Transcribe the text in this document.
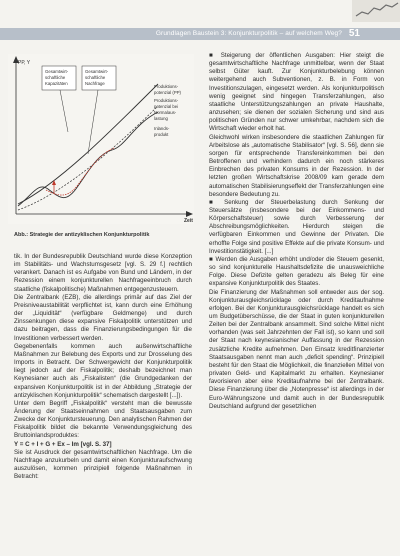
Grundlagen Baustein 3: Konjunkturpolitik – auf welchem Weg? 51
PP, Y
Zeit
Gesamtwirt- schaftliche Kapazitäten
Gesamtwirt- schaftliche Nachfrage
Produktions- potenzial (PP)
Produktions- potenzial bei Normalaus- lastung
Inlands- produkt
Abb.: Strategie der antizyklischen Konjunkturpolitik

tik. In der Bundesrepublik Deutschland wurde diese Konzeption im Stabilitäts- und Wachstumsgesetz [vgl. S. 29 f.] rechtlich verankert. Danach ist es Aufgabe von Bund und Ländern, in der Rezession einem konjunkturellen Nachfrageeinbruch durch staatliche (fiskalpolitische) Maßnahmen entgegenzusteuern.

Die Zentralbank (EZB), die allerdings primär auf das Ziel der Preisniveaustabilität verpflichtet ist, kann durch eine Erhöhung der „Liquidität“ (verfügbare Geldmenge) und durch Zinssenkungen diese expansive Fiskalpolitik unterstützen und dazu beitragen, dass die Finanzierungsbedingungen für die Investitionen verbessert werden.

Gegebenenfalls kommen auch außenwirtschaftliche Maßnahmen zur Belebung des Exports und zur Drosselung des Imports in Betracht. Der Schwergewicht der Konjunkturpolitik liegt jedoch auf der Fiskalpolitik; deshalb bezeichnet man Keynesianer auch als „Fiskalisten“ (die Grundgedanken der expansiven Konjunkturpolitik ist in der Abbildung „Strategie der antizyklischen Konjunkturpolitik“ schematisch dargestellt [...]).

Unter dem Begriff „Fiskalpolitik“ versteht man die bewusste Änderung der Staatseinnahmen und Staatsausgaben zum Zwecke der Konjunktursteuerung. Den analytischen Rahmen der Fiskalpolitik bildet die bekannte Verwendungsgleichung des Bruttoinlandsproduktes:

Y = C + I + G + Ex – Im [vgl. S. 37]

Sie ist Ausdruck der gesamtwirtschaftlichen Nachfrage. Um die Nachfrage anzukurbeln und damit einen Konjunkturaufschwung auszulösen, kommen prinzipiell folgende Maßnahmen in Betracht:

■ Steigerung der öffentlichen Ausgaben: Hier steigt die gesamtwirtschaftliche Nachfrage unmittelbar, wenn der Staat selbst Güter kauft. Zur Konjunkturbelebung können weitergehend auch Subventionen, z. B. in Form von Investitionszulagen, eingesetzt werden. Als konjunkturpolitisch wenig geeignet sind hingegen Transferzahlungen, also staatliche Unterstützungszahlungen an private Haushalte, anzusehen; sie dienen der sozialen Sicherung und sind aus politischen Gründen nur schwer umkehrbar, nachdem sich die Wirtschaft wieder erholt hat.

Gleichwohl wirken insbesondere die staatlichen Zahlungen für Arbeitslose als „automatische Stabilisator“ [vgl. S. 56], denn sie sorgen für entsprechende Transfereinkommen bei den Betroffenen und verhindern dadurch ein noch stärkeres Einbrechen des privaten Konsums in der Rezession. In der letzten großen Wirtschaftskrise 2008/09 kam gerade dem automatischen Stabilisierungseffekt der Transferzahlungen eine besondere Bedeutung zu.

■ Senkung der Steuerbelastung durch Senkung der Steuersätze (insbesondere bei der Einkommens- und Körperschaftsteuer) sowie durch Verbesserung der Abschreibungsmöglichkeiten. Hierdurch steigen die verfügbaren Einkommen und Gewinne der Privaten. Die erhoffte Folge sind positive Effekte auf die private Konsum- und Investitionstätigkeit. [...]

■ Werden die Ausgaben erhöht und/oder die Steuern gesenkt, so sind konjunkturelle Haushaltsdefizite die unausweichliche Folge. Diese Defizite gelten geradezu als Beleg für eine expansive Konjunkturpolitik des Staates.

Die Finanzierung der Maßnahmen soll entweder aus der sog. Konjunkturausgleichsrücklage oder durch Kreditaufnahme erfolgen. Bei der Konjunkturausgleichsrücklage handelt es sich um Budgetüberschüsse, die der Staat in guten konjunkturellen Zeiten bei der Zentralbank ansammelt. Sind solche Mittel nicht vorhanden (was seit Jahrzehnten der Fall ist), so kann und soll der Staat nach keynesianischer Auffassung in der Rezession zusätzliche Kredite aufnehmen. Den Einsatz kreditfinanzierter Staatsausgaben nennt man auch „deficit spending“. Prinzipiell besteht für den Staat die Möglichkeit, die finanziellen Mittel von privaten Geld- und Kapitalmarkt zu erhalten. Keynesianer favorisieren aber eine Kreditaufnahme bei der Zentralbank. Diese Finanzierung über die „Notenpresse“ ist allerdings in der Euro-Währungszone und damit auch in der Bundesrepublik Deutschland aufgrund der gesetzlichen
